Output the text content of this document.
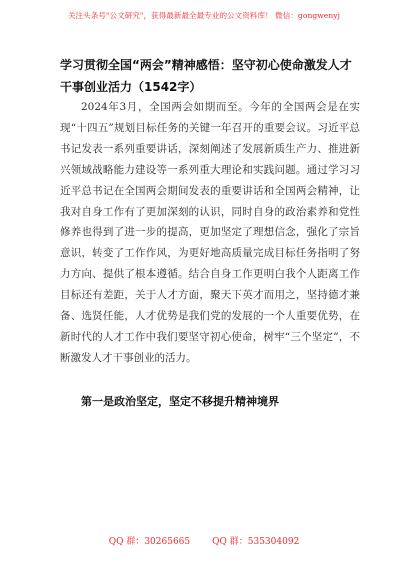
关注头条号"公文研究"，获得最新最全最专业的公文资料库！ 微信：gongwenyj
学习贯彻全国“两会”精神感悟：坚守初心使命激发人才干事创业活力（1542字）

2024年3月，全国两会如期而至。今年的全国两会是在实现“十四五”规划目标任务的关键一年召开的重要会议。习近平总书记发表一系列重要讲话，深刻阐述了发展新质生产力、推进新兴领域战略能力建设等一系列重大理论和实践问题。通过学习习近平总书记在全国两会期间发表的重要讲话和全国两会精神，让我对自身工作有了更加深刻的认识，同时自身的政治素养和党性修养也得到了进一步的提高，更加坚定了理想信念，强化了宗旨意识，转变了工作作风，为更好地高质量完成目标任务指明了努力方向、提供了根本遵循。结合自身工作更明白我个人距离工作目标还有差距，关于人才方面，聚天下英才而用之，坚持德才兼备、选贤任能，人才优势是我们党的发展的一个人重要优势，在新时代的人才工作中我们要坚守初心使命，树牢“三个坚定”，不断激发人才干事创业的活力。

第一是政治坚定，坚定不移提升精神境界
QQ 群：30265665 QQ 群：535304092
